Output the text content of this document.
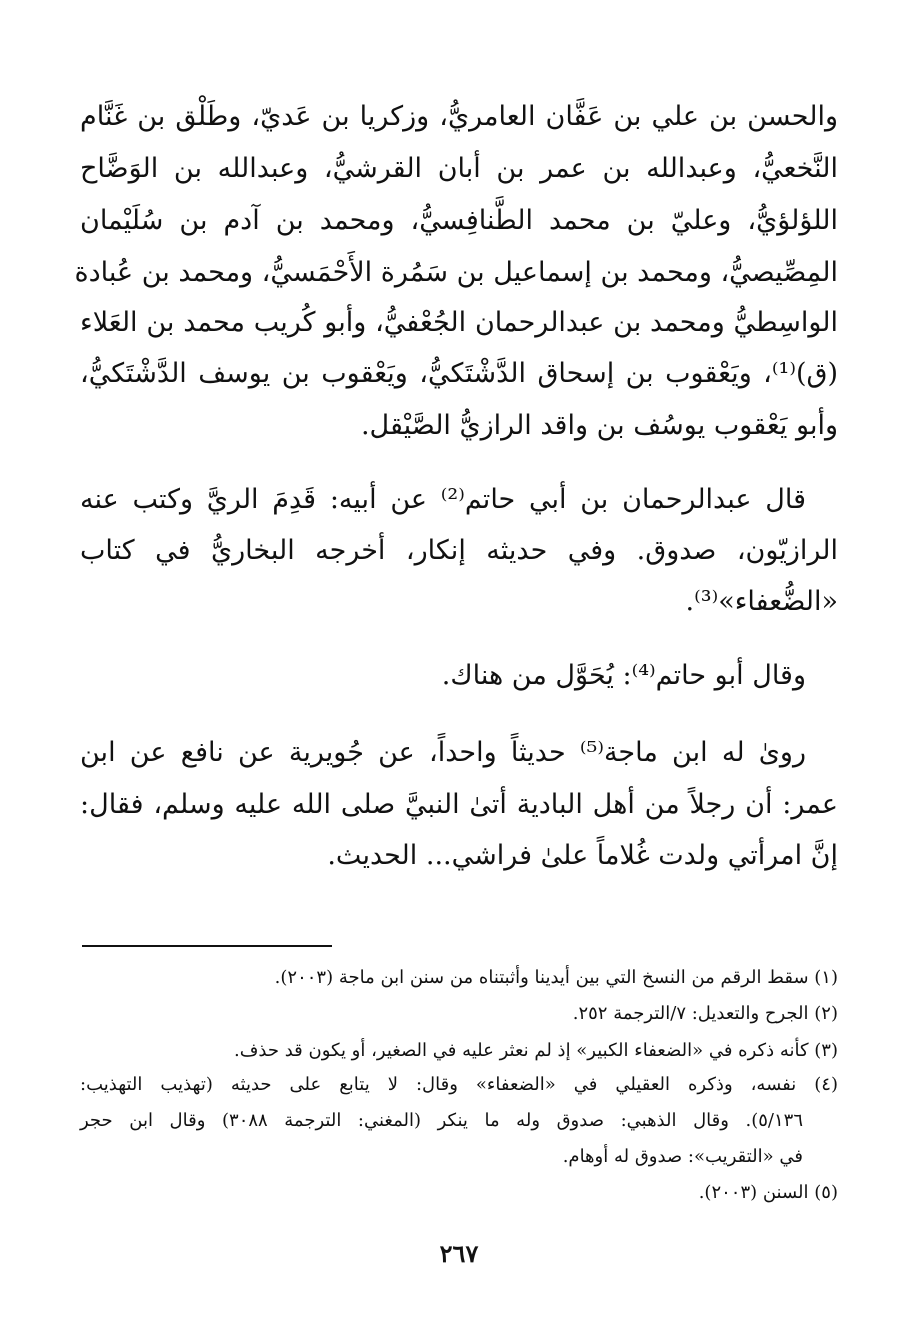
والحسن بن علي بن عَفَّان العامريُّ، وزكريا بن عَديّ، وطَلْق بن غَنَّام
النَّخعيُّ، وعبدالله بن عمر بن أبان القرشيُّ، وعبدالله بن الوَضَّاح
اللؤلؤيُّ، وعليّ بن محمد الطَّنافِسيُّ، ومحمد بن آدم بن سُلَيْمان
المِصِّيصيُّ، ومحمد بن إسماعيل بن سَمُرة الأَحْمَسيُّ، ومحمد بن عُبادة
الواسِطيُّ ومحمد بن عبدالرحمان الجُعْفيُّ، وأبو كُريب محمد بن العَلاء
(ق)⁽¹⁾، ويَعْقوب بن إسحاق الدَّشْتَكيُّ، ويَعْقوب بن يوسف الدَّشْتَكيُّ،
وأبو يَعْقوب يوسُف بن واقد الرازيُّ الصَّيْقل.
قال عبدالرحمان بن أبي حاتم⁽²⁾ عن أبيه: قَدِمَ الريَّ وكتب عنه
الرازيّون، صدوق. وفي حديثه إنكار، أخرجه البخاريُّ في كتاب
«الضُّعفاء»⁽³⁾.
وقال أبو حاتم⁽⁴⁾: يُحَوَّل من هناك.
روىٰ له ابن ماجة⁽⁵⁾ حديثاً واحداً، عن جُويرية عن نافع عن ابن
عمر: أن رجلاً من أهل البادية أتىٰ النبيَّ صلى الله عليه وسلم، فقال:
إنَّ امرأتي ولدت غُلاماً علىٰ فراشي... الحديث.
(١) سقط الرقم من النسخ التي بين أيدينا وأثبتناه من سنن ابن ماجة (٢٠٠٣).
(٢) الجرح والتعديل: ٧/الترجمة ٢٥٢.
(٣) كأنه ذكره في «الضعفاء الكبير» إذ لم نعثر عليه في الصغير، أو يكون قد حذف.
(٤) نفسه، وذكره العقيلي في «الضعفاء» وقال: لا يتابع على حديثه (تهذيب التهذيب:
٥/١٣٦). وقال الذهبي: صدوق وله ما ينكر (المغني: الترجمة ٣٠٨٨) وقال ابن حجر
في «التقريب»: صدوق له أوهام.
(٥) السنن (٢٠٠٣).
٢٦٧
